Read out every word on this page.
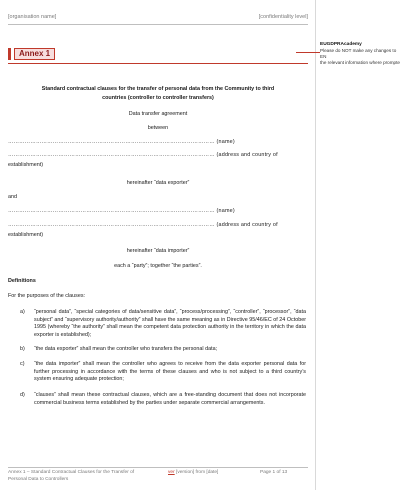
[organisation name]	[confidentiality level]
Annex 1
Standard contractual clauses for the transfer of personal data from the Community to third
countries (controller to controller transfers)
Data transfer agreement
between
………………………………………………………………………………………………… (name)
………………………………………………………………………………………………… (address and country of
establishment)
hereinafter “data exporter”
and
………………………………………………………………………………………………… (name)
………………………………………………………………………………………………… (address and country of
establishment)
hereinafter “data importer”
each a “party”; together “the parties”.
Definitions
For the purposes of the clauses:
a) “personal data”, “special categories of data/sensitive data”, “process/processing”, “controller”, “processor”, “data subject” and “supervisory authority/authority” shall have the same meaning as in Directive 95/46/EC of 24 October 1995 (whereby “the authority” shall mean the competent data protection authority in the territory in which the data exporter is established);
b) “the data exporter” shall mean the controller who transfers the personal data;
c) “the data importer” shall mean the controller who agrees to receive from the data exporter personal data for further processing in accordance with the terms of these clauses and who is not subject to a third country’s system ensuring adequate protection;
d) “clauses” shall mean these contractual clauses, which are a free-standing document that does not incorporate commercial business terms established by the parties under separate commercial arrangements.
Annex 1 – Standard Contractual Clauses for the Transfer of
Personal Data to Controllers
ver [version] from [date]	Page 1 of 13
EUGDPRAcademy
Please do NOT make any changes to EN
the relevant information where prompte
